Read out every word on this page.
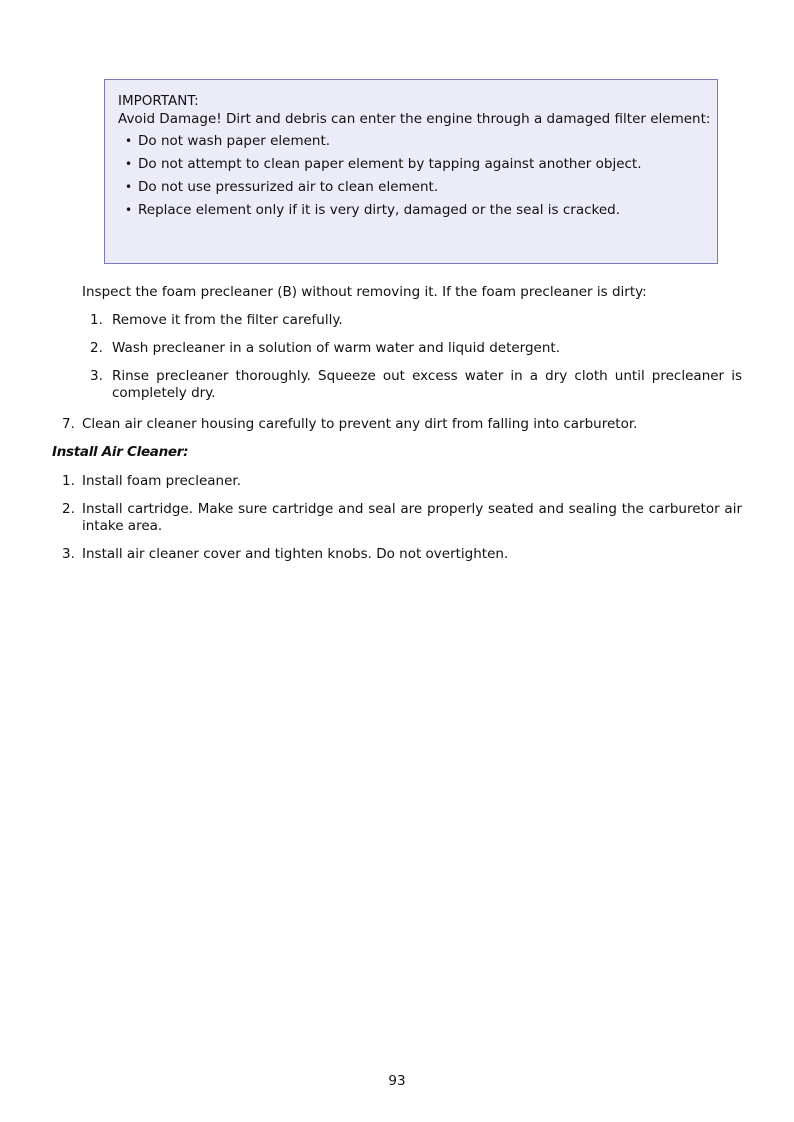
IMPORTANT:
Avoid Damage! Dirt and debris can enter the engine through a damaged filter element:
• Do not wash paper element.
• Do not attempt to clean paper element by tapping against another object.
• Do not use pressurized air to clean element.
• Replace element only if it is very dirty, damaged or the seal is cracked.
Inspect the foam precleaner (B) without removing it. If the foam precleaner is dirty:
1. Remove it from the filter carefully.
2. Wash precleaner in a solution of warm water and liquid detergent.
3. Rinse precleaner thoroughly. Squeeze out excess water in a dry cloth until precleaner is completely dry.
7. Clean air cleaner housing carefully to prevent any dirt from falling into carburetor.
Install Air Cleaner:
1. Install foam precleaner.
2. Install cartridge. Make sure cartridge and seal are properly seated and sealing the carburetor air intake area.
3. Install air cleaner cover and tighten knobs. Do not overtighten.
93
